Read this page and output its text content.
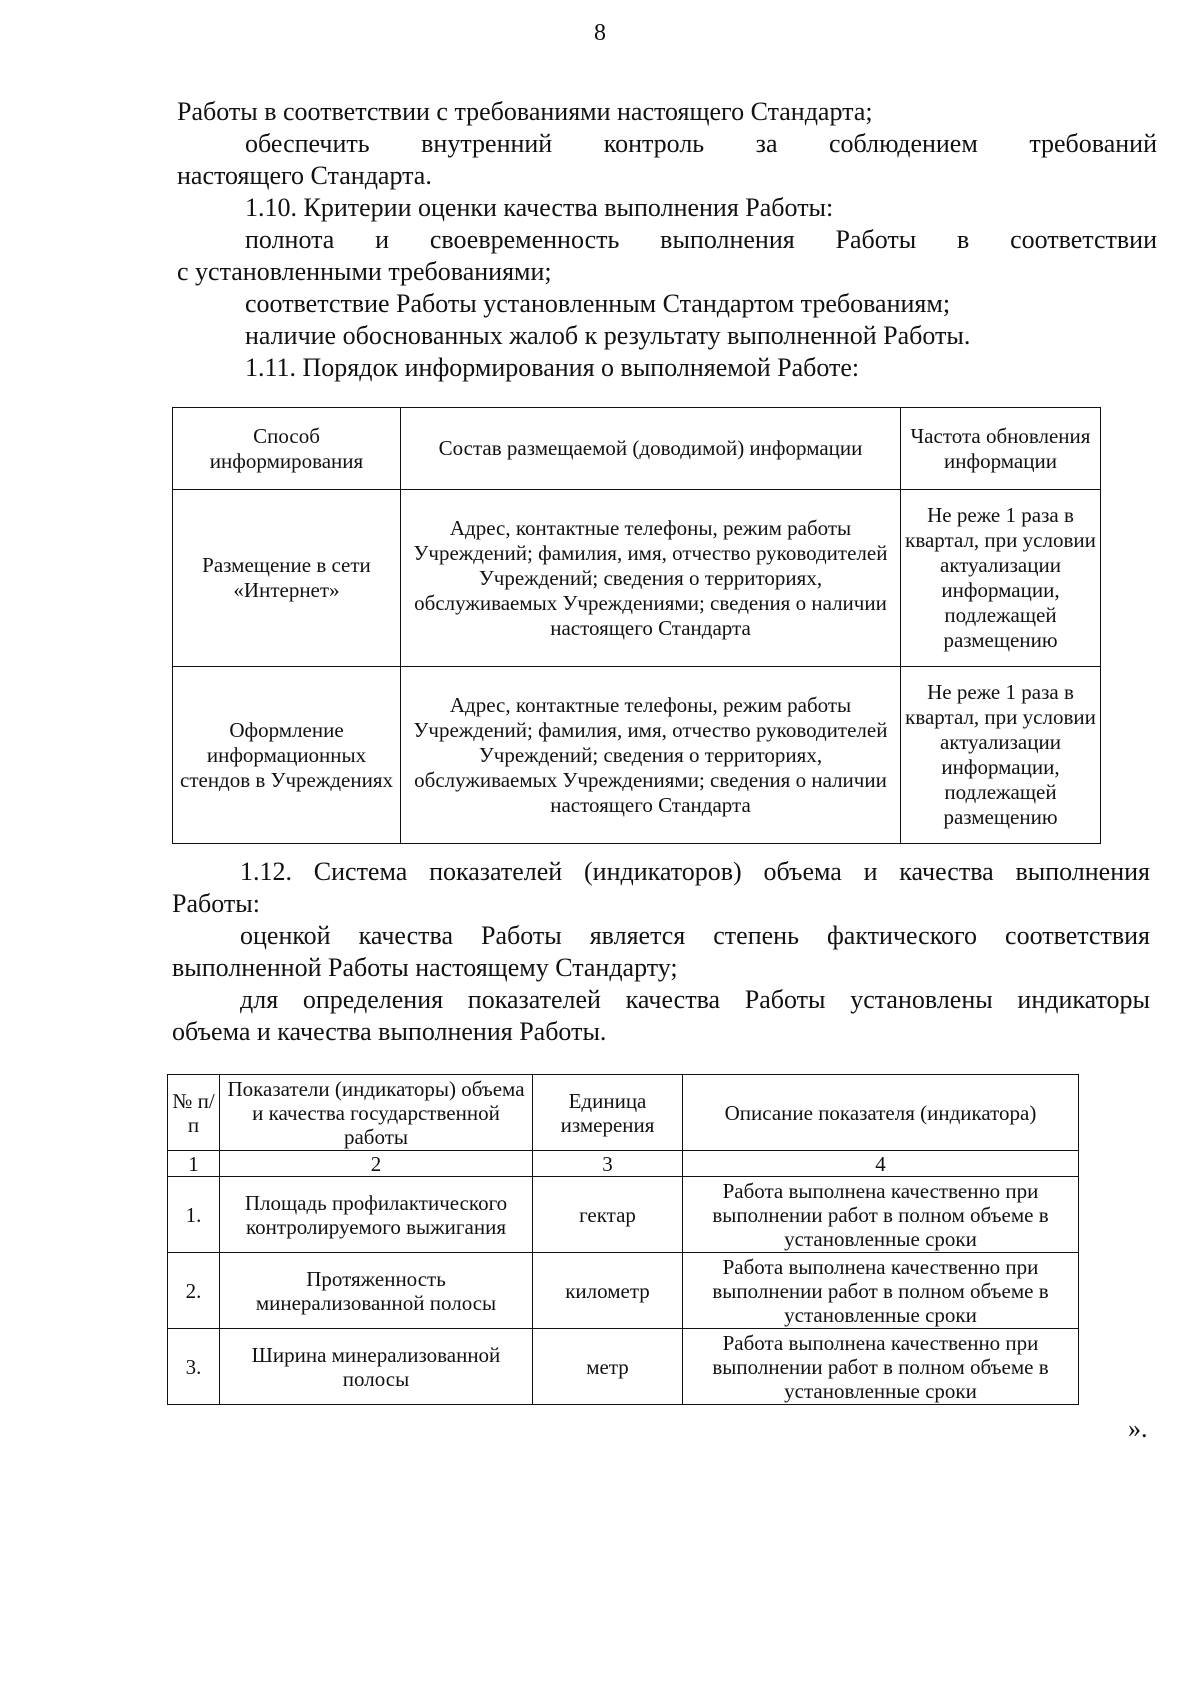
8
Работы в соответствии с требованиями настоящего Стандарта;
обеспечить внутренний контроль за соблюдением требований
настоящего Стандарта.
1.10. Критерии оценки качества выполнения Работы:
полнота и своевременность выполнения Работы в соответствии
с установленными требованиями;
соответствие Работы установленным Стандартом требованиям;
наличие обоснованных жалоб к результату выполненной Работы.
1.11. Порядок информирования о выполняемой Работе:
Способ информирования	Состав размещаемой (доводимой) информации	Частота обновления информации
Размещение в сети «Интернет»	Адрес, контактные телефоны, режим работы Учреждений; фамилия, имя, отчество руководителей Учреждений; сведения о территориях, обслуживаемых Учреждениями; сведения о наличии настоящего Стандарта	Не реже 1 раза в квартал, при условии актуализации информации, подлежащей размещению
Оформление информационных стендов в Учреждениях	Адрес, контактные телефоны, режим работы Учреждений; фамилия, имя, отчество руководителей Учреждений; сведения о территориях, обслуживаемых Учреждениями; сведения о наличии настоящего Стандарта	Не реже 1 раза в квартал, при условии актуализации информации, подлежащей размещению
1.12. Система показателей (индикаторов) объема и качества выполнения
Работы:
оценкой качества Работы является степень фактического соответствия
выполненной Работы настоящему Стандарту;
для определения показателей качества Работы установлены индикаторы
объема и качества выполнения Работы.
№ п/п	Показатели (индикаторы) объема и качества государственной работы	Единица измерения	Описание показателя (индикатора)
1	2	3	4
1.	Площадь профилактического контролируемого выжигания	гектар	Работа выполнена качественно при выполнении работ в полном объеме в установленные сроки
2.	Протяженность минерализованной полосы	километр	Работа выполнена качественно при выполнении работ в полном объеме в установленные сроки
3.	Ширина минерализованной полосы	метр	Работа выполнена качественно при выполнении работ в полном объеме в установленные сроки
».
